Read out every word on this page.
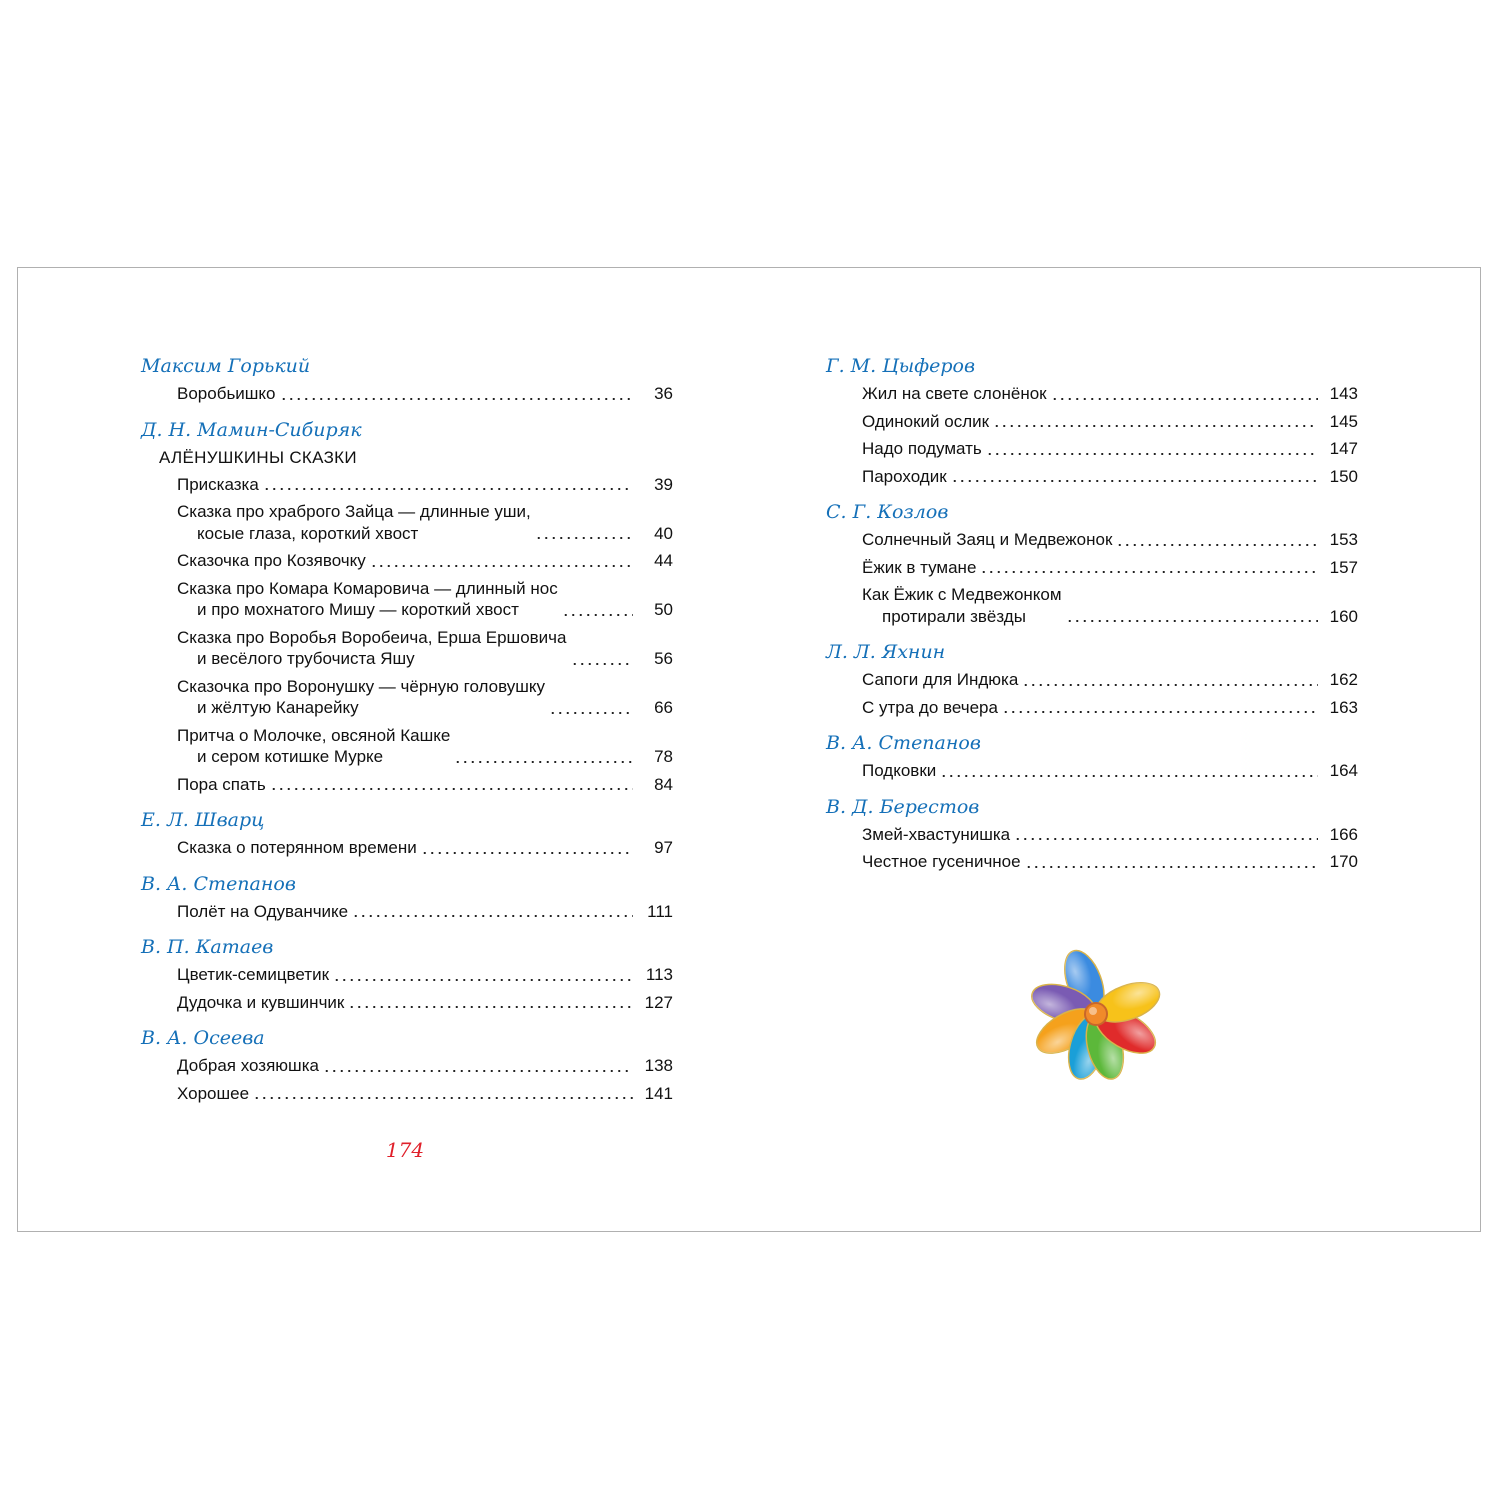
Максим Горький

Воробьишко	36

Д. Н. Мамин-Сибиряк

АЛЁНУШКИНЫ СКАЗКИ
Присказка	39
Сказка про храброго Зайца — длинные уши,
косые глаза, короткий хвост	40
Сказочка про Козявочку	44
Сказка про Комара Комаровича — длинный нос
и про мохнатого Мишу — короткий хвост	50
Сказка про Воробья Воробеича, Ерша Ершовича
и весёлого трубочиста Яшу	56
Сказочка про Воронушку — чёрную головушку
и жёлтую Канарейку	66
Притча о Молочке, овсяной Кашке
и сером котишке Мурке	78
Пора спать	84

Е. Л. Шварц

Сказка о потерянном времени	97

В. А. Степанов

Полёт на Одуванчике	111

В. П. Катаев

Цветик-семицветик	113
Дудочка и кувшинчик	127

В. А. Осеева

Добрая хозяюшка	138
Хорошее	141

Г. М. Цыферов

Жил на свете слонёнок	143
Одинокий ослик	145
Надо подумать	147
Пароходик	150

С. Г. Козлов

Солнечный Заяц и Медвежонок	153
Ёжик в тумане	157
Как Ёжик с Медвежонком
протирали звёзды	160

Л. Л. Яхнин

Сапоги для Индюка	162
С утра до вечера	163

В. А. Степанов

Подковки	164

В. Д. Берестов

Змей-хвастунишка	166
Честное гусеничное	170
174
